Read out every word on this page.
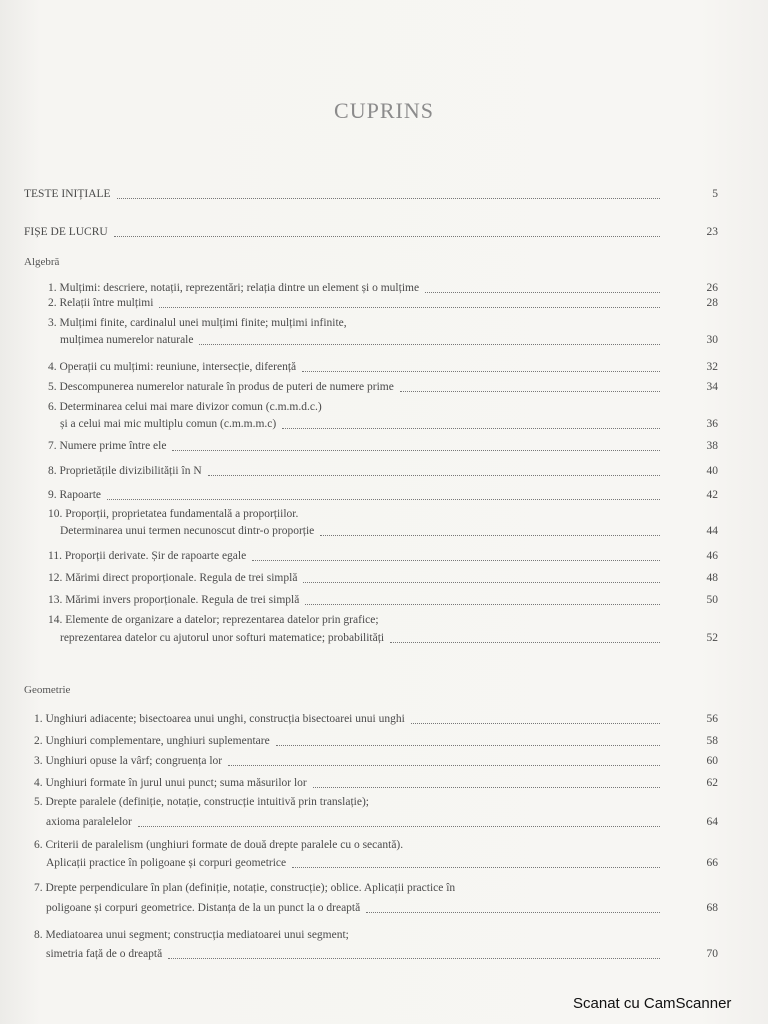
CUPRINS
TESTE INIȚIALE	5
FIȘE DE LUCRU	23
1. Mulțimi: descriere, notații, reprezentări; relația dintre un element și o mulțime	26
2. Relații între mulțimi	28
3. Mulțimi finite, cardinalul unei mulțimi finite; mulțimi infinite,
mulțimea numerelor naturale	30
4. Operații cu mulțimi: reuniune, intersecție, diferență	32
5. Descompunerea numerelor naturale în produs de puteri de numere prime	34
6. Determinarea celui mai mare divizor comun (c.m.m.d.c.)
și a celui mai mic multiplu comun (c.m.m.m.c)	36
7. Numere prime între ele	38
8. Proprietățile divizibilității în N	40
9. Rapoarte	42
10. Proporții, proprietatea fundamentală a proporțiilor.
Determinarea unui termen necunoscut dintr-o proporție	44
11. Proporții derivate. Șir de rapoarte egale	46
12. Mărimi direct proporționale. Regula de trei simplă	48
13. Mărimi invers proporționale. Regula de trei simplă	50
14. Elemente de organizare a datelor; reprezentarea datelor prin grafice;
reprezentarea datelor cu ajutorul unor softuri matematice; probabilități	52
1. Unghiuri adiacente; bisectoarea unui unghi, construcția bisectoarei unui unghi	56
2. Unghiuri complementare, unghiuri suplementare	58
3. Unghiuri opuse la vârf; congruența lor	60
4. Unghiuri formate în jurul unui punct; suma măsurilor lor	62
5. Drepte paralele (definiție, notație, construcție intuitivă prin translație);
axioma paralelelor	64
6. Criterii de paralelism (unghiuri formate de două drepte paralele cu o secantă).
Aplicații practice în poligoane și corpuri geometrice	66
7. Drepte perpendiculare în plan (definiție, notație, construcție); oblice. Aplicații practice în
poligoane și corpuri geometrice. Distanța de la un punct la o dreaptă	68
8. Mediatoarea unui segment; construcția mediatoarei unui segment;
simetria față de o dreaptă	70
Algebră
Geometrie
Scanat cu CamScanner
